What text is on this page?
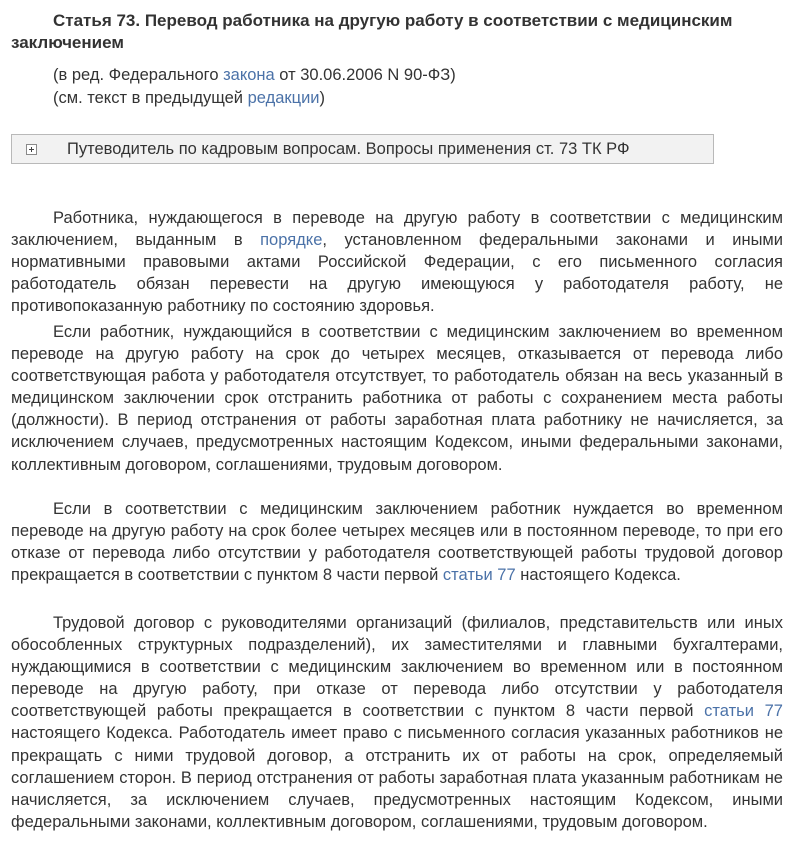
Статья 73. Перевод работника на другую работу в соответствии с медицинским
заключением
(в ред. Федерального закона от 30.06.2006 N 90-ФЗ)
(см. текст в предыдущей редакции)
Путеводитель по кадровым вопросам. Вопросы применения ст. 73 ТК РФ

Работника, нуждающегося в переводе на другую работу в соответствии с медицинским заключением, выданным в порядке, установленном федеральными законами и иными нормативными правовыми актами Российской Федерации, с его письменного согласия работодатель обязан перевести на другую имеющуюся у работодателя работу, не противопоказанную работнику по состоянию здоровья.

Если работник, нуждающийся в соответствии с медицинским заключением во временном переводе на другую работу на срок до четырех месяцев, отказывается от перевода либо соответствующая работа у работодателя отсутствует, то работодатель обязан на весь указанный в медицинском заключении срок отстранить работника от работы с сохранением места работы (должности). В период отстранения от работы заработная плата работнику не начисляется, за исключением случаев, предусмотренных настоящим Кодексом, иными федеральными законами, коллективным договором, соглашениями, трудовым договором.

Если в соответствии с медицинским заключением работник нуждается во временном переводе на другую работу на срок более четырех месяцев или в постоянном переводе, то при его отказе от перевода либо отсутствии у работодателя соответствующей работы трудовой договор прекращается в соответствии с пунктом 8 части первой статьи 77 настоящего Кодекса.

Трудовой договор с руководителями организаций (филиалов, представительств или иных обособленных структурных подразделений), их заместителями и главными бухгалтерами, нуждающимися в соответствии с медицинским заключением во временном или в постоянном переводе на другую работу, при отказе от перевода либо отсутствии у работодателя соответствующей работы прекращается в соответствии с пунктом 8 части первой статьи 77 настоящего Кодекса. Работодатель имеет право с письменного согласия указанных работников не прекращать с ними трудовой договор, а отстранить их от работы на срок, определяемый соглашением сторон. В период отстранения от работы заработная плата указанным работникам не начисляется, за исключением случаев, предусмотренных настоящим Кодексом, иными федеральными законами, коллективным договором, соглашениями, трудовым договором.
